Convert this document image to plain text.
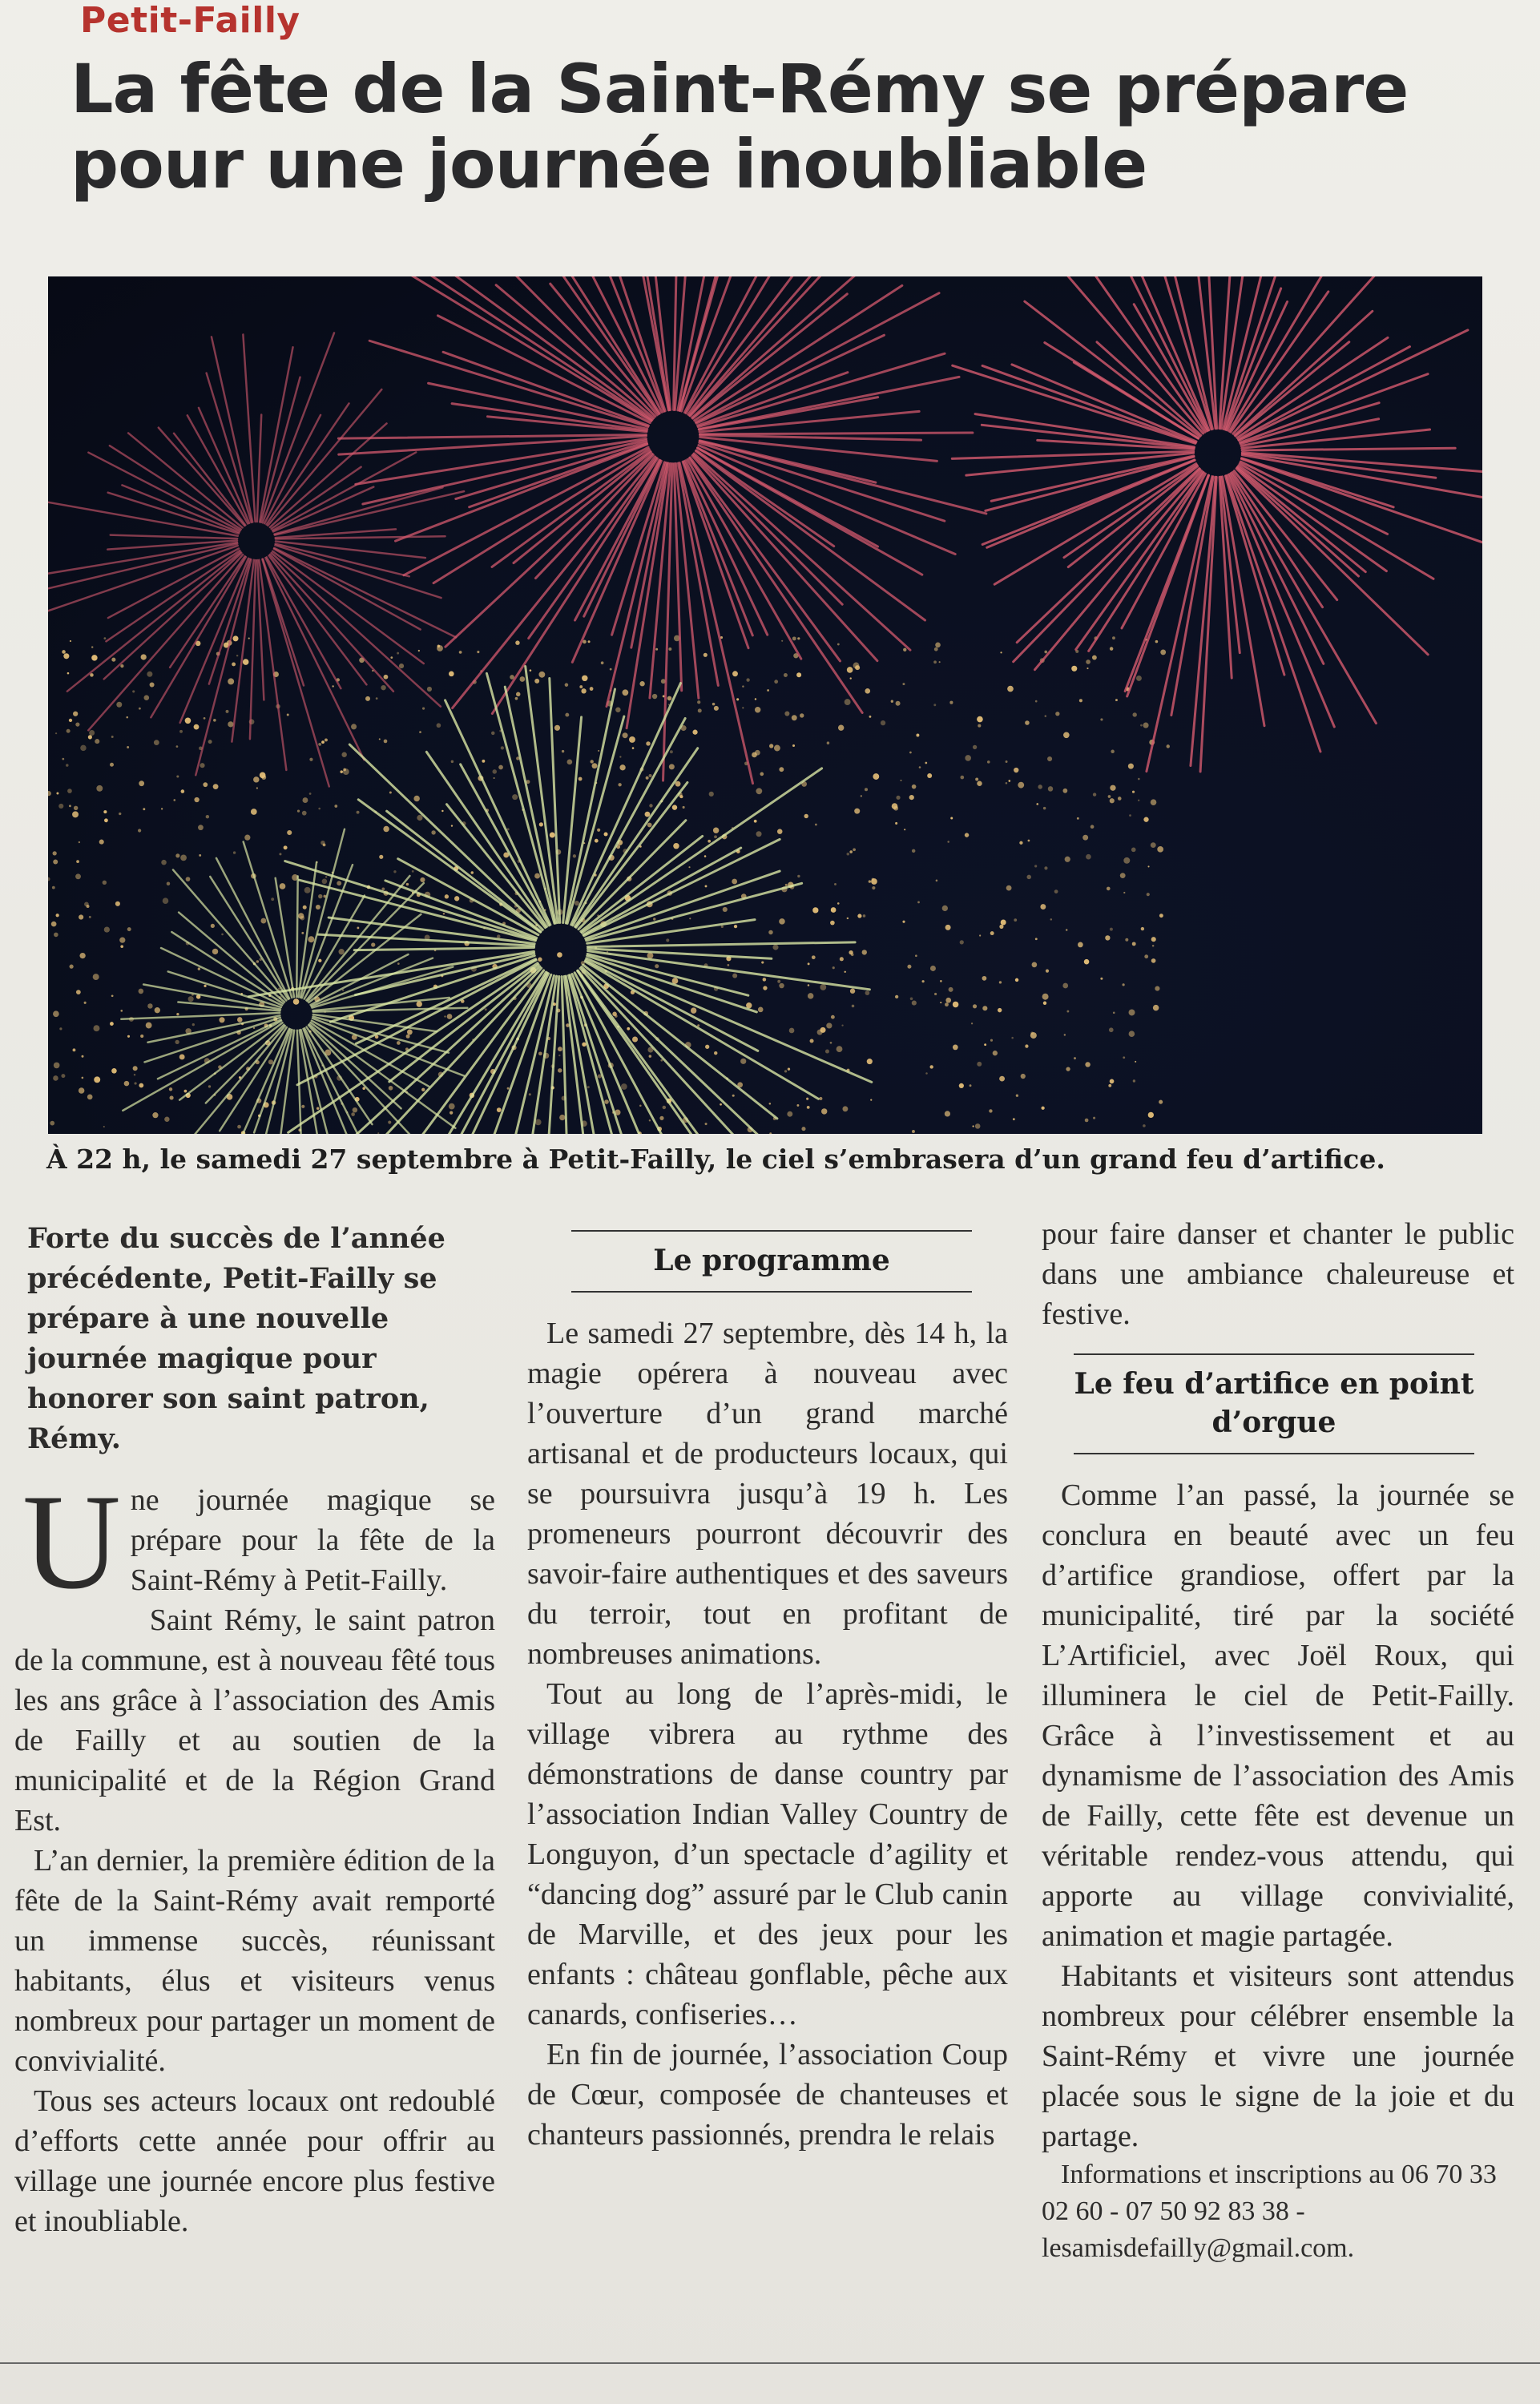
Petit-Failly
La fête de la Saint-Rémy se prépare pour une journée inoubliable
À 22 h, le samedi 27 septembre à Petit-Failly, le ciel s’embrasera d’un grand feu d’artifice.
Forte du succès de l’année précédente, Petit-Failly se prépare à une nouvelle journée magique pour honorer son saint patron, Rémy.

U ne journée magique se prépare pour la fête de la Saint-Rémy à Petit-Failly.

Saint Rémy, le saint patron de la commune, est à nouveau fêté tous les ans grâce à l’association des Amis de Failly et au soutien de la municipalité et de la Région Grand Est.

L’an dernier, la première édition de la fête de la Saint-Rémy avait remporté un immense succès, réunissant habitants, élus et visiteurs venus nombreux pour partager un moment de convivialité.

Tous ses acteurs locaux ont redoublé d’efforts cette année pour offrir au village une journée encore plus festive et inoubliable.

Le programme

Le samedi 27 septembre, dès 14 h, la magie opérera à nouveau avec l’ouverture d’un grand marché artisanal et de producteurs locaux, qui se poursuivra jusqu’à 19 h. Les promeneurs pourront découvrir des savoir-faire authentiques et des saveurs du terroir, tout en profitant de nombreuses animations.

Tout au long de l’après-midi, le village vibrera au rythme des démonstrations de danse country par l’association Indian Valley Country de Longuyon, d’un spectacle d’agility et “dancing dog” assuré par le Club canin de Marville, et des jeux pour les enfants : château gonflable, pêche aux canards, confiseries…

En fin de journée, l’association Coup de Cœur, composée de chanteuses et chanteurs passionnés, prendra le relais

pour faire danser et chanter le public dans une ambiance chaleureuse et festive.

Le feu d’artifice en point d’orgue

Comme l’an passé, la journée se conclura en beauté avec un feu d’artifice grandiose, offert par la municipalité, tiré par la société L’Artificiel, avec Joël Roux, qui illuminera le ciel de Petit-Failly. Grâce à l’investissement et au dynamisme de l’association des Amis de Failly, cette fête est devenue un véritable rendez-vous attendu, qui apporte au village convivialité, animation et magie partagée.

Habitants et visiteurs sont attendus nombreux pour célébrer ensemble la Saint-Rémy et vivre une journée placée sous le signe de la joie et du partage.

Informations et inscriptions au 06 70 33 02 60 - 07 50 92 83 38 - lesamisdefailly@gmail.com.
